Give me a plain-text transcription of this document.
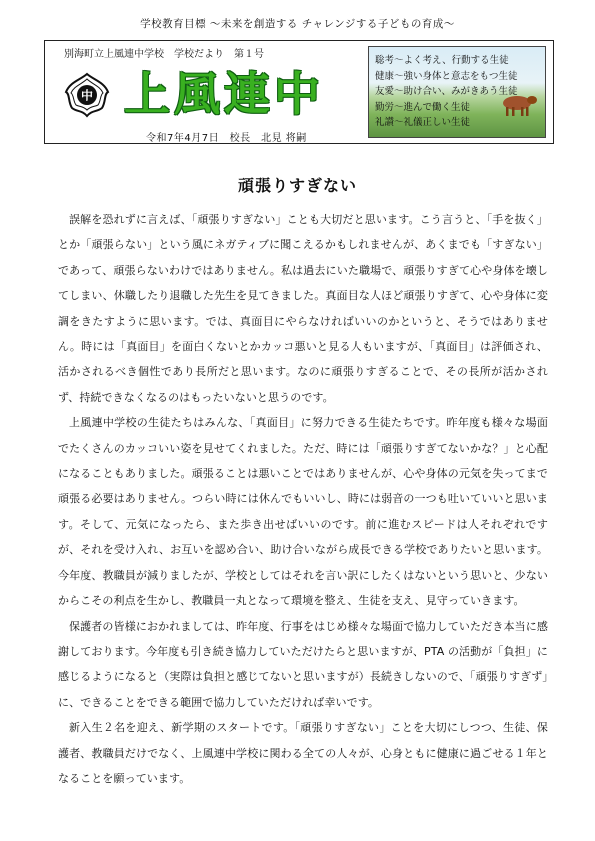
学校教育目標 ～未来を創造する チャレンジする子どもの育成～
別海町立上風連中学校　学校だより　第１号
中 上風連中
令和7年4月7日　校長　北見 将嗣
聡考～よく考え、行動する生徒
健康～強い身体と意志をもつ生徒
友愛～助け合い、みがきあう生徒
勤労～進んで働く生徒
礼讃～礼儀正しい生徒
頑張りすぎない

誤解を恐れずに言えば、「頑張りすぎない」ことも大切だと思います。こう言うと、「手を抜く」とか「頑張らない」という風にネガティブに聞こえるかもしれませんが、あくまでも「すぎない」であって、頑張らないわけではありません。私は過去にいた職場で、頑張りすぎて心や身体を壊してしまい、休職したり退職した先生を見てきました。真面目な人ほど頑張りすぎて、心や身体に変調をきたすように思います。では、真面目にやらなければいいのかというと、そうではありません。時には「真面目」を面白くないとかカッコ悪いと見る人もいますが、「真面目」は評価され、活かされるべき個性であり長所だと思います。なのに頑張りすぎることで、その長所が活かされず、持続できなくなるのはもったいないと思うのです。

上風連中学校の生徒たちはみんな、「真面目」に努力できる生徒たちです。昨年度も様々な場面でたくさんのカッコいい姿を見せてくれました。ただ、時には「頑張りすぎてないかな？」と心配になることもありました。頑張ることは悪いことではありませんが、心や身体の元気を失ってまで頑張る必要はありません。つらい時には休んでもいいし、時には弱音の一つも吐いていいと思います。そして、元気になったら、また歩き出せばいいのです。前に進むスピードは人それぞれですが、それを受け入れ、お互いを認め合い、助け合いながら成長できる学校でありたいと思います。今年度、教職員が減りましたが、学校としてはそれを言い訳にしたくはないという思いと、少ないからこその利点を生かし、教職員一丸となって環境を整え、生徒を支え、見守っていきます。

保護者の皆様におかれましては、昨年度、行事をはじめ様々な場面で協力していただき本当に感謝しております。今年度も引き続き協力していただけたらと思いますが、PTA の活動が「負担」に感じるようになると（実際は負担と感じてないと思いますが）長続きしないので、「頑張りすぎず」に、できることをできる範囲で協力していただければ幸いです。

新入生２名を迎え、新学期のスタートです。「頑張りすぎない」ことを大切にしつつ、生徒、保護者、教職員だけでなく、上風連中学校に関わる全ての人々が、心身ともに健康に過ごせる１年となることを願っています。
